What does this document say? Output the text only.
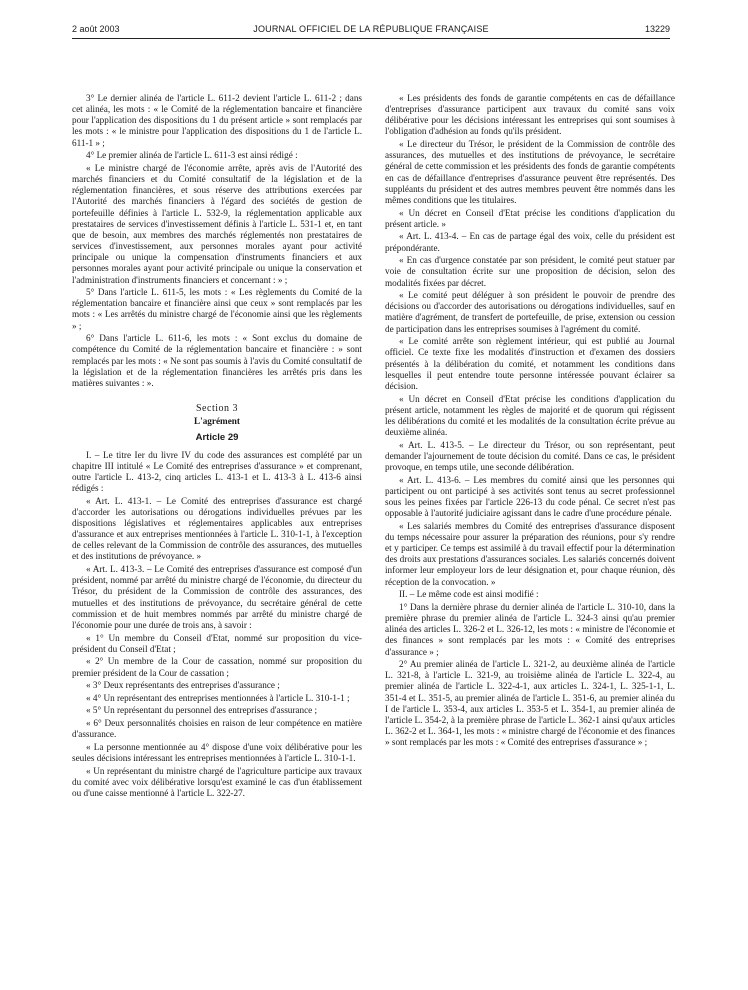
2 août 2003	JOURNAL OFFICIEL DE LA RÉPUBLIQUE FRANÇAISE	13229

3° Le dernier alinéa de l'article L. 611-2 devient l'article L. 611-2 ; dans cet alinéa, les mots : « le Comité de la réglementation bancaire et financière pour l'application des dispositions du 1 du présent article » sont remplacés par les mots : « le ministre pour l'application des dispositions du 1 de l'article L. 611-1 » ;

4° Le premier alinéa de l'article L. 611-3 est ainsi rédigé :

« Le ministre chargé de l'économie arrête, après avis de l'Autorité des marchés financiers et du Comité consultatif de la législation et de la réglementation financières, et sous réserve des attributions exercées par l'Autorité des marchés financiers à l'égard des sociétés de gestion de portefeuille définies à l'article L. 532-9, la réglementation applicable aux prestataires de services d'investissement définis à l'article L. 531-1 et, en tant que de besoin, aux membres des marchés réglementés non prestataires de services d'investissement, aux personnes morales ayant pour activité principale ou unique la compensation d'instruments financiers et aux personnes morales ayant pour activité principale ou unique la conservation et l'administration d'instruments financiers et concernant : » ;

5° Dans l'article L. 611-5, les mots : « Les règlements du Comité de la réglementation bancaire et financière ainsi que ceux » sont remplacés par les mots : « Les arrêtés du ministre chargé de l'économie ainsi que les règlements » ;

6° Dans l'article L. 611-6, les mots : « Sont exclus du domaine de compétence du Comité de la réglementation bancaire et financière : » sont remplacés par les mots : « Ne sont pas soumis à l'avis du Comité consultatif de la législation et de la réglementation financières les arrêtés pris dans les matières suivantes : ».

Section 3
L'agrément
Article 29

I. – Le titre Ier du livre IV du code des assurances est complété par un chapitre III intitulé « Le Comité des entreprises d'assurance » et comprenant, outre l'article L. 413-2, cinq articles L. 413-1 et L. 413-3 à L. 413-6 ainsi rédigés :

« Art. L. 413-1. – Le Comité des entreprises d'assurance est chargé d'accorder les autorisations ou dérogations individuelles prévues par les dispositions législatives et réglementaires applicables aux entreprises d'assurance et aux entreprises mentionnées à l'article L. 310-1-1, à l'exception de celles relevant de la Commission de contrôle des assurances, des mutuelles et des institutions de prévoyance. »

« Art. L. 413-3. – Le Comité des entreprises d'assurance est composé d'un président, nommé par arrêté du ministre chargé de l'économie, du directeur du Trésor, du président de la Commission de contrôle des assurances, des mutuelles et des institutions de prévoyance, du secrétaire général de cette commission et de huit membres nommés par arrêté du ministre chargé de l'économie pour une durée de trois ans, à savoir :

« 1° Un membre du Conseil d'Etat, nommé sur proposition du vice-président du Conseil d'Etat ;

« 2° Un membre de la Cour de cassation, nommé sur proposition du premier président de la Cour de cassation ;

« 3° Deux représentants des entreprises d'assurance ;

« 4° Un représentant des entreprises mentionnées à l'article L. 310-1-1 ;

« 5° Un représentant du personnel des entreprises d'assurance ;

« 6° Deux personnalités choisies en raison de leur compétence en matière d'assurance.

« La personne mentionnée au 4° dispose d'une voix délibérative pour les seules décisions intéressant les entreprises mentionnées à l'article L. 310-1-1.

« Un représentant du ministre chargé de l'agriculture participe aux travaux du comité avec voix délibérative lorsqu'est examiné le cas d'un établissement ou d'une caisse mentionné à l'article L. 322-27.

« Les présidents des fonds de garantie compétents en cas de défaillance d'entreprises d'assurance participent aux travaux du comité sans voix délibérative pour les décisions intéressant les entreprises qui sont soumises à l'obligation d'adhésion au fonds qu'ils président.

« Le directeur du Trésor, le président de la Commission de contrôle des assurances, des mutuelles et des institutions de prévoyance, le secrétaire général de cette commission et les présidents des fonds de garantie compétents en cas de défaillance d'entreprises d'assurance peuvent être représentés. Des suppléants du président et des autres membres peuvent être nommés dans les mêmes conditions que les titulaires.

« Un décret en Conseil d'Etat précise les conditions d'application du présent article. »

« Art. L. 413-4. – En cas de partage égal des voix, celle du président est prépondérante.

« En cas d'urgence constatée par son président, le comité peut statuer par voie de consultation écrite sur une proposition de décision, selon des modalités fixées par décret.

« Le comité peut déléguer à son président le pouvoir de prendre des décisions ou d'accorder des autorisations ou dérogations individuelles, sauf en matière d'agrément, de transfert de portefeuille, de prise, extension ou cession de participation dans les entreprises soumises à l'agrément du comité.

« Le comité arrête son règlement intérieur, qui est publié au Journal officiel. Ce texte fixe les modalités d'instruction et d'examen des dossiers présentés à la délibération du comité, et notamment les conditions dans lesquelles il peut entendre toute personne intéressée pouvant éclairer sa décision.

« Un décret en Conseil d'Etat précise les conditions d'application du présent article, notamment les règles de majorité et de quorum qui régissent les délibérations du comité et les modalités de la consultation écrite prévue au deuxième alinéa.

« Art. L. 413-5. – Le directeur du Trésor, ou son représentant, peut demander l'ajournement de toute décision du comité. Dans ce cas, le président provoque, en temps utile, une seconde délibération.

« Art. L. 413-6. – Les membres du comité ainsi que les personnes qui participent ou ont participé à ses activités sont tenus au secret professionnel sous les peines fixées par l'article 226-13 du code pénal. Ce secret n'est pas opposable à l'autorité judiciaire agissant dans le cadre d'une procédure pénale.

« Les salariés membres du Comité des entreprises d'assurance disposent du temps nécessaire pour assurer la préparation des réunions, pour s'y rendre et y participer. Ce temps est assimilé à du travail effectif pour la détermination des droits aux prestations d'assurances sociales. Les salariés concernés doivent informer leur employeur lors de leur désignation et, pour chaque réunion, dès réception de la convocation. »

II. – Le même code est ainsi modifié :

1° Dans la dernière phrase du dernier alinéa de l'article L. 310-10, dans la première phrase du premier alinéa de l'article L. 324-3 ainsi qu'au premier alinéa des articles L. 326-2 et L. 326-12, les mots : « ministre de l'économie et des finances » sont remplacés par les mots : « Comité des entreprises d'assurance » ;

2° Au premier alinéa de l'article L. 321-2, au deuxième alinéa de l'article L. 321-8, à l'article L. 321-9, au troisième alinéa de l'article L. 322-4, au premier alinéa de l'article L. 322-4-1, aux articles L. 324-1, L. 325-1-1, L. 351-4 et L. 351-5, au premier alinéa de l'article L. 351-6, au premier alinéa du I de l'article L. 353-4, aux articles L. 353-5 et L. 354-1, au premier alinéa de l'article L. 354-2, à la première phrase de l'article L. 362-1 ainsi qu'aux articles L. 362-2 et L. 364-1, les mots : « ministre chargé de l'économie et des finances » sont remplacés par les mots : « Comité des entreprises d'assurance » ;
